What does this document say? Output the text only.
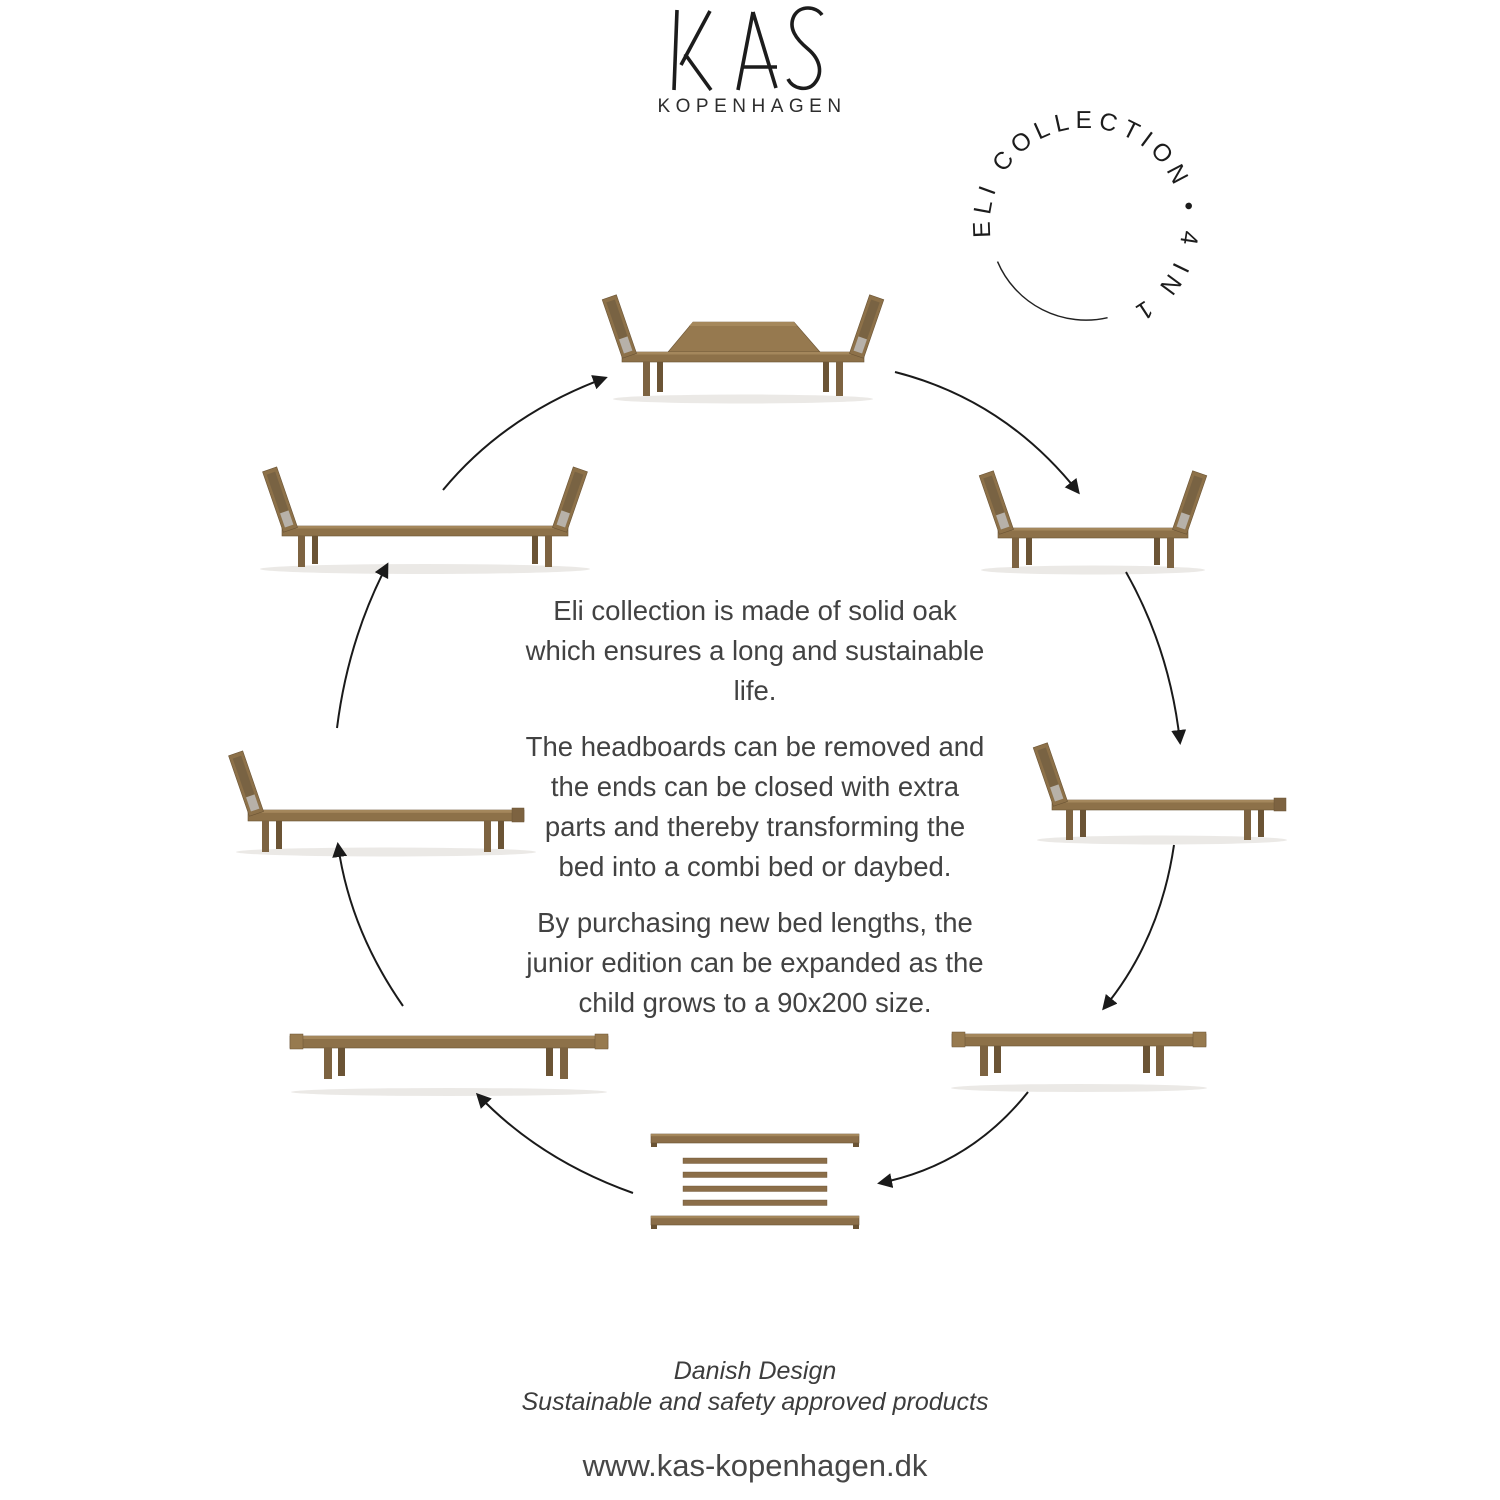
KOPENHAGEN
ELI COLLECTION • 4 IN 1

Eli collection is made of solid oak which ensures a long and sustainable life.

The headboards can be removed and the ends can be closed with extra parts and thereby transforming the bed into a combi bed or daybed.

By purchasing new bed lengths, the junior edition can be expanded as the child grows to a 90x200 size.

Danish Design
Sustainable and safety approved products
www.kas-kopenhagen.dk
